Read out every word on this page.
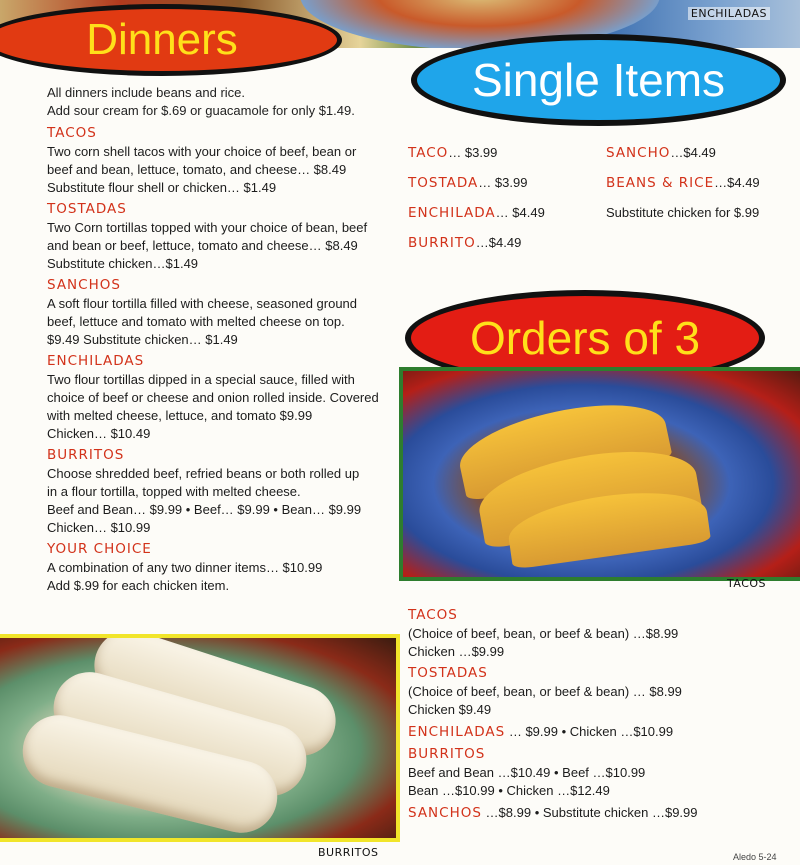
ENCHILADAS
Dinners
Single Items
Orders of 3
All dinners include beans and rice.
Add sour cream for $.69 or guacamole for only $1.49.
TACOS
Two corn shell tacos with your choice of beef, bean or
beef and bean, lettuce, tomato, and cheese… $8.49
Substitute flour shell or chicken… $1.49
TOSTADAS
Two Corn tortillas topped with your choice of bean, beef
and bean or beef, lettuce, tomato and cheese… $8.49
Substitute chicken…$1.49
SANCHOS
A soft flour tortilla filled with cheese, seasoned ground
beef, lettuce and tomato with melted cheese on top.
$9.49 Substitute chicken… $1.49
ENCHILADAS
Two flour tortillas dipped in a special sauce, filled with
choice of beef or cheese and onion rolled inside. Covered
with melted cheese, lettuce, and tomato $9.99
Chicken… $10.49
BURRITOS
Choose shredded beef, refried beans or both rolled up
in a flour tortilla, topped with melted cheese.
Beef and Bean… $9.99 • Beef… $9.99 • Bean… $9.99
Chicken… $10.99
YOUR CHOICE
A combination of any two dinner items… $10.99
Add $.99 for each chicken item.
TACO… $3.99
TOSTADA… $3.99
ENCHILADA… $4.49
BURRITO…$4.49
SANCHO…$4.49
BEANS & RICE…$4.49
Substitute chicken for $.99
TACOS
TACOS
(Choice of beef, bean, or beef & bean) …$8.99
Chicken …$9.99
TOSTADAS
(Choice of beef, bean, or beef & bean) … $8.99
Chicken $9.49
ENCHILADAS … $9.99 • Chicken …$10.99
BURRITOS
Beef and Bean …$10.49 • Beef …$10.99
Bean …$10.99 • Chicken …$12.49
SANCHOS …$8.99 • Substitute chicken …$9.99
BURRITOS	Aledo 5-24
